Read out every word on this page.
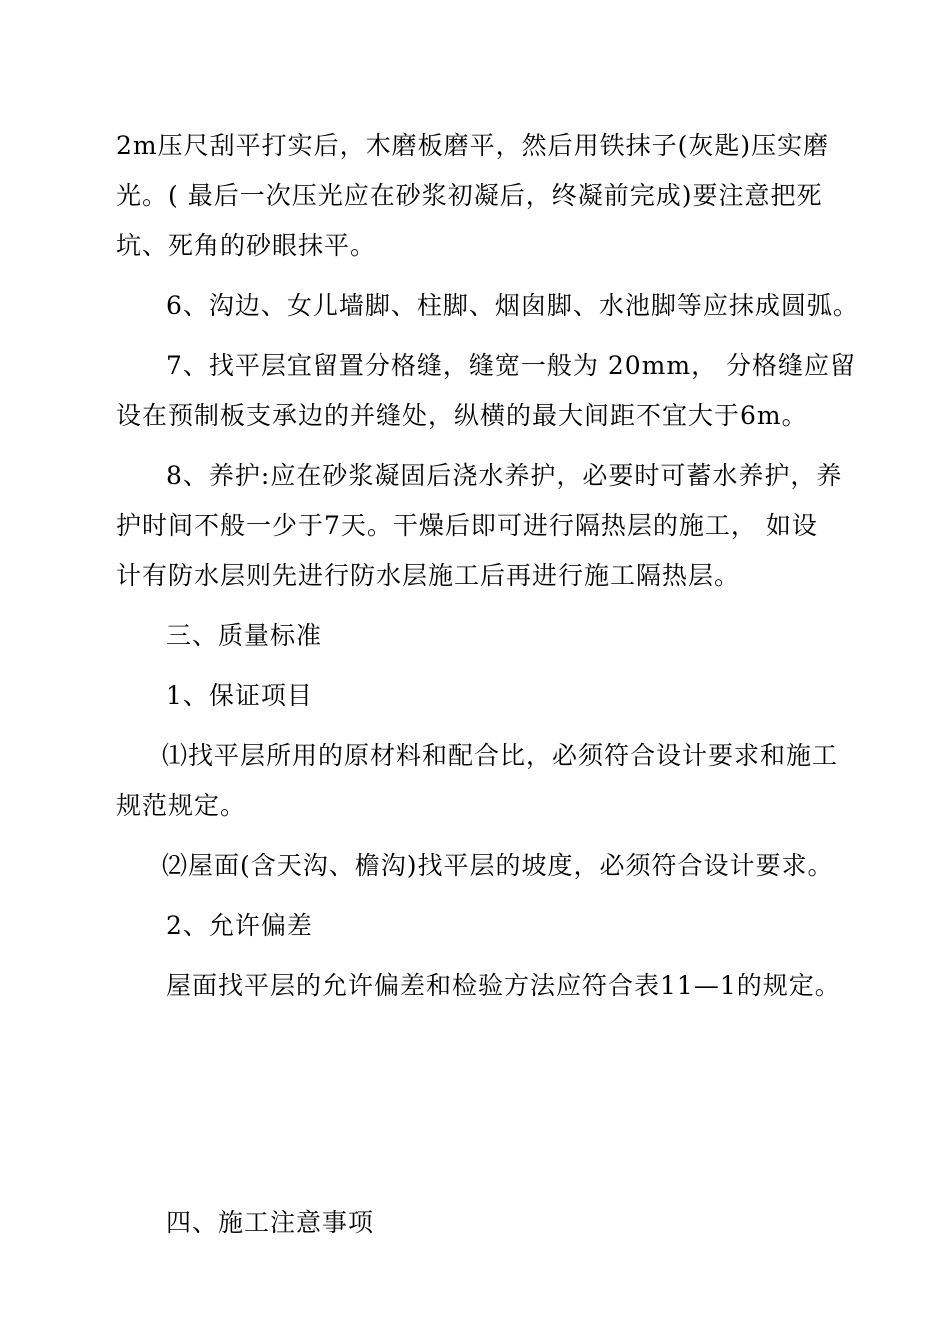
2m压尺刮平打实后，木磨板磨平，然后用铁抹子(灰匙)压实磨
光。( 最后一次压光应在砂浆初凝后，终凝前完成)要注意把死
坑、死角的砂眼抹平。
6、沟边、女儿墙脚、柱脚、烟囱脚、水池脚等应抹成圆弧。
7、找平层宜留置分格缝，缝宽一般为 20mm， 分格缝应留
设在预制板支承边的并缝处，纵横的最大间距不宜大于6m。
8、养护:应在砂浆凝固后浇水养护，必要时可蓄水养护，养
护时间不般一少于7天。干燥后即可进行隔热层的施工， 如设
计有防水层则先进行防水层施工后再进行施工隔热层。
三、质量标准
1、保证项目
⑴找平层所用的原材料和配合比，必须符合设计要求和施工
规范规定。
⑵屋面(含天沟、檐沟)找平层的坡度，必须符合设计要求。
2、允许偏差
屋面找平层的允许偏差和检验方法应符合表11—1的规定。
四、施工注意事项
